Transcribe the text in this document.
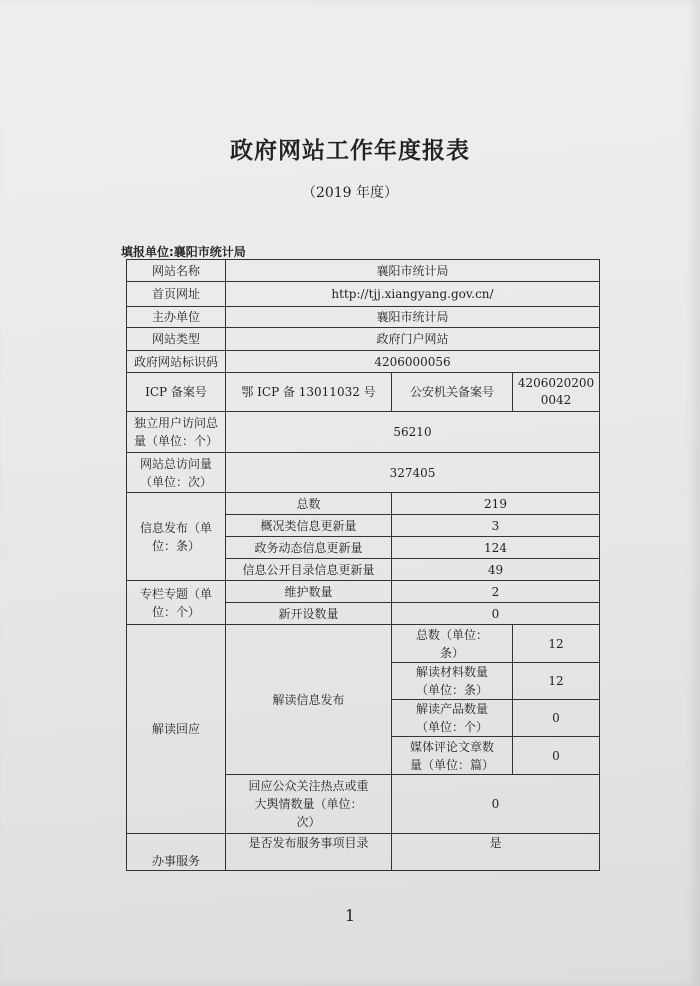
政府网站工作年度报表
（2019 年度）
填报单位:襄阳市统计局
网站名称	襄阳市统计局		
首页网址	http://tjj.xiangyang.gov.cn/		
主办单位	襄阳市统计局		
网站类型	政府门户网站		
政府网站标识码	4206000056		
ICP 备案号	鄂 ICP 备 13011032 号	公安机关备案号	42060202000042
独立用户访问总量（单位：个）	56210		
网站总访问量（单位：次）	327405		
信息发布（单位：条）	总数	219	
	概况类信息更新量	3	
	政务动态信息更新量	124	
	信息公开目录信息更新量	49	
专栏专题（单位：个）	维护数量	2	
	新开设数量	0	
解读回应	解读信息发布	总数（单位：条）	12
		解读材料数量（单位：条）	12
		解读产品数量（单位：个）	0
		媒体评论文章数量（单位：篇）	0
	回应公众关注热点或重大舆情数量（单位：次）	0	
办事服务	是否发布服务事项目录	是	
1
